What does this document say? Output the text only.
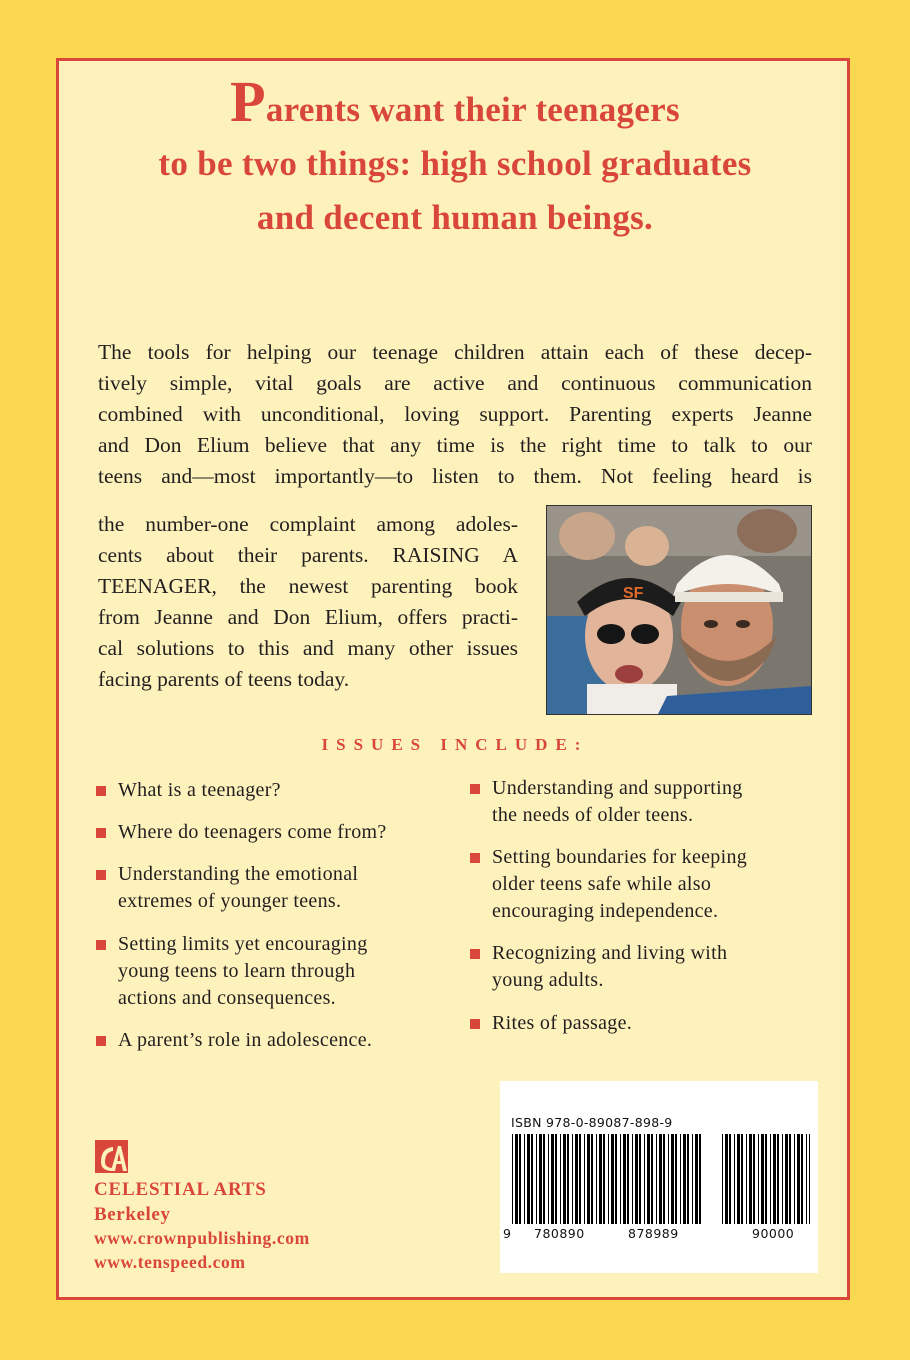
Parents want their teenagers
to be two things: high school graduates
and decent human beings.

The tools for helping our teenage children attain each of these decep-

tively simple, vital goals are active and continuous communication

combined with unconditional, loving support. Parenting experts Jeanne

and Don Elium believe that any time is the right time to talk to our

teens and—most importantly—to listen to them. Not feeling heard is

the number-one complaint among adoles-

cents about their parents. RAISING A

TEENAGER, the newest parenting book

from Jeanne and Don Elium, offers practi-

cal solutions to this and many other issues

facing parents of teens today.

SF
ISSUES INCLUDE:
What is a teenager?
Where do teenagers come from?
Understanding the emotional
extremes of younger teens.
Setting limits yet encouraging
young teens to learn through
actions and consequences.
A parent’s role in adolescence.
Understanding and supporting
the needs of older teens.
Setting boundaries for keeping
older teens safe while also
encouraging independence.
Recognizing and living with
young adults.
Rites of passage.
ISBN 978-0-89087-898-9
9 780890	878989	90000
CELESTIAL ARTS
Berkeley
www.crownpublishing.com
www.tenspeed.com
